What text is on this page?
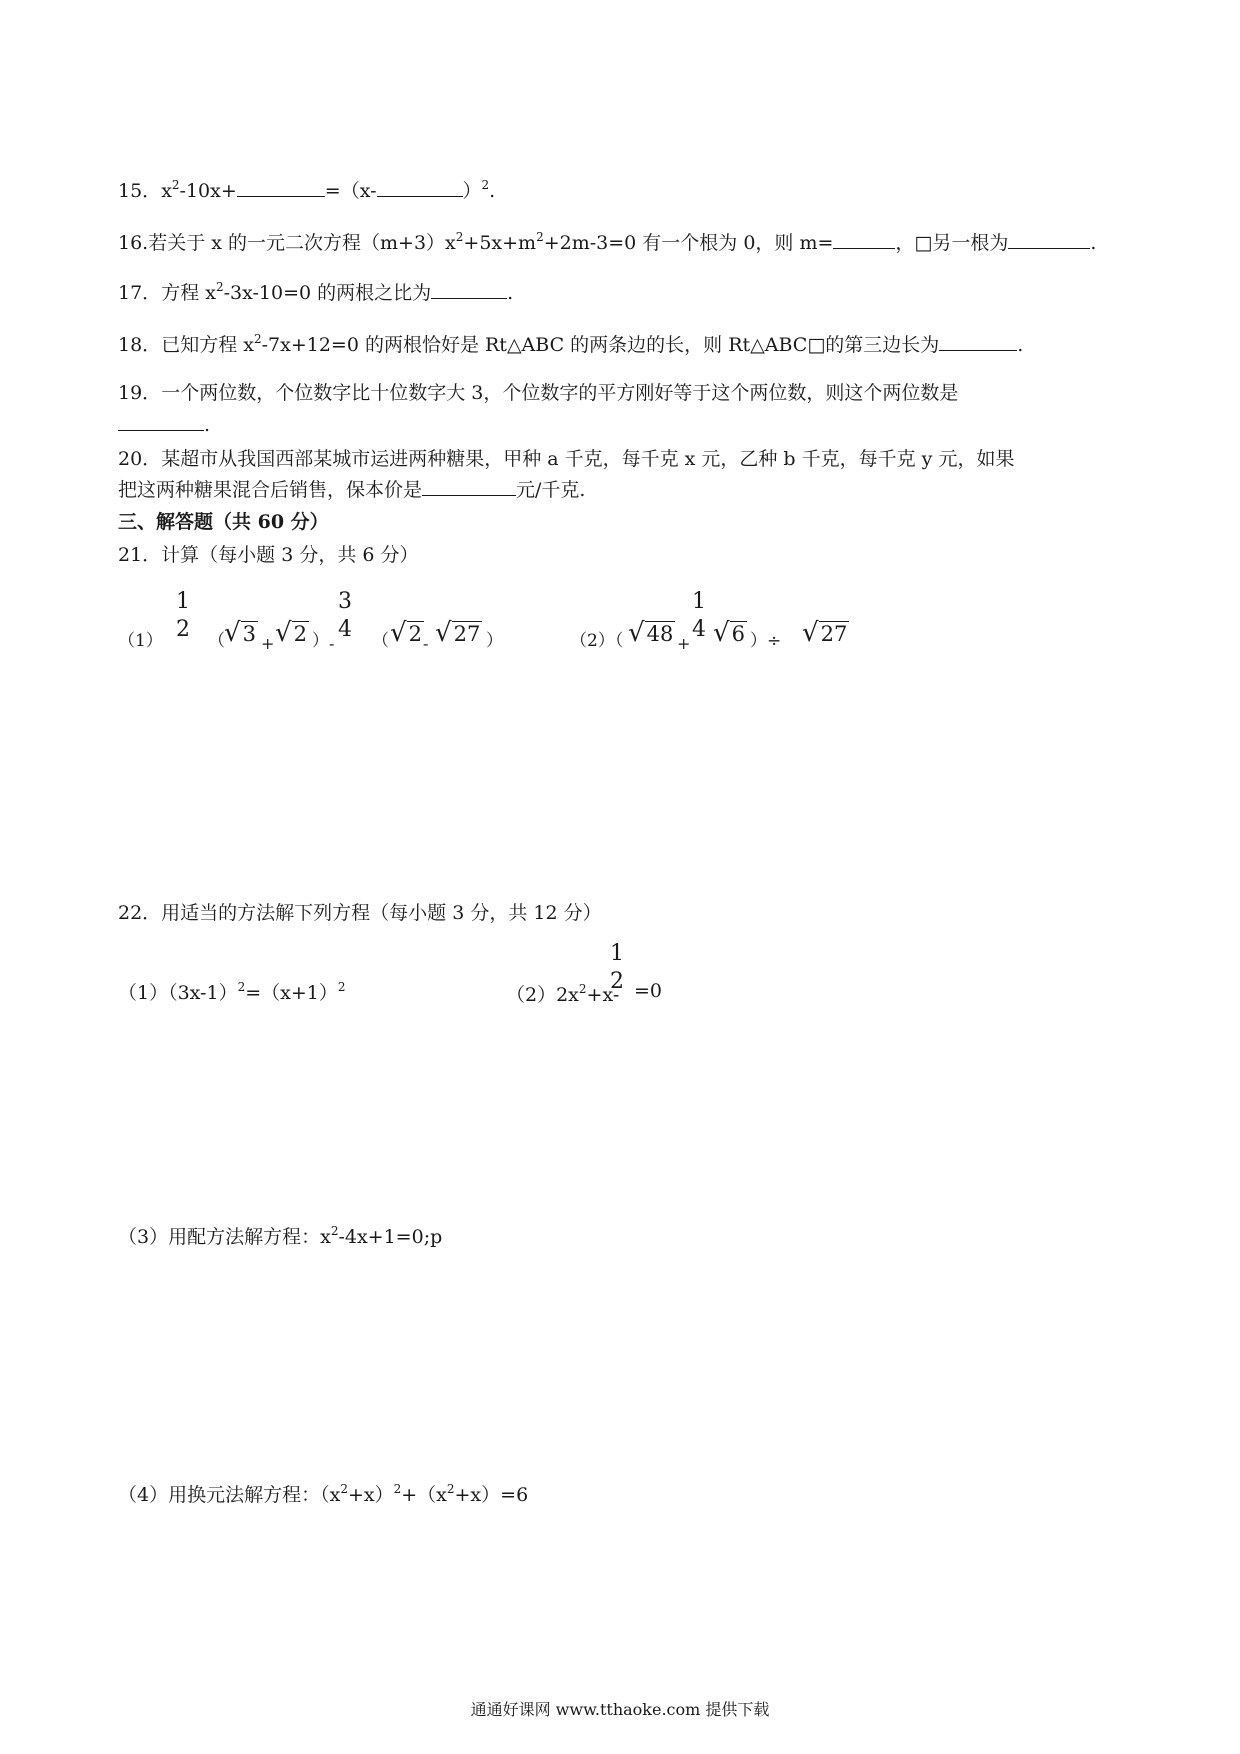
15．$x^2-10x+$	=（x-	）$^2$.
16.若关于 x 的一元二次方程$(m+3)x^2+5x+m^2+2m-3=0$ 有一个根为 0，则 m=	，□另一根为	.
17．方程 $x^2-3x-10=0$ 的两根之比为	.
18．已知方程 $x^2-7x+12=0$ 的两根恰好是 Rt△ABC 的两条边的长，则 Rt△ABC□的第三边长为	.
19．一个两位数，个位数字比十位数字大 3，个位数字的平方刚好等于这个两位数，则这个两位数是
.
20．某超市从我国西部某城市运进两种糖果，甲种 a 千克，每千克 x 元，乙种 b 千克，每千克 y 元，如果
把这两种糖果混合后销售，保本价是	元/千克.
三、解答题（共 60 分）
21．计算（每小题 3 分，共 6 分）
（1）
1
2 （ √3 + √2 ） -
3
4 （ √2 - √27 ）	（2）（ √48 +
1
4 √6 ）÷ √27
22．用适当的方法解下列方程（每小题 3 分，共 12 分）
$(1)(3x-1)^2=(x+1)^2$	$(2)2x^2+x-$
1
2 =0
（3）用配方法解方程：$x^2-4x+1=0;p$
（4）用换元法解方程：$(x^2+x)^2+(x^2+x)=6$
通通好课网 www.tthaoke.com 提供下载
